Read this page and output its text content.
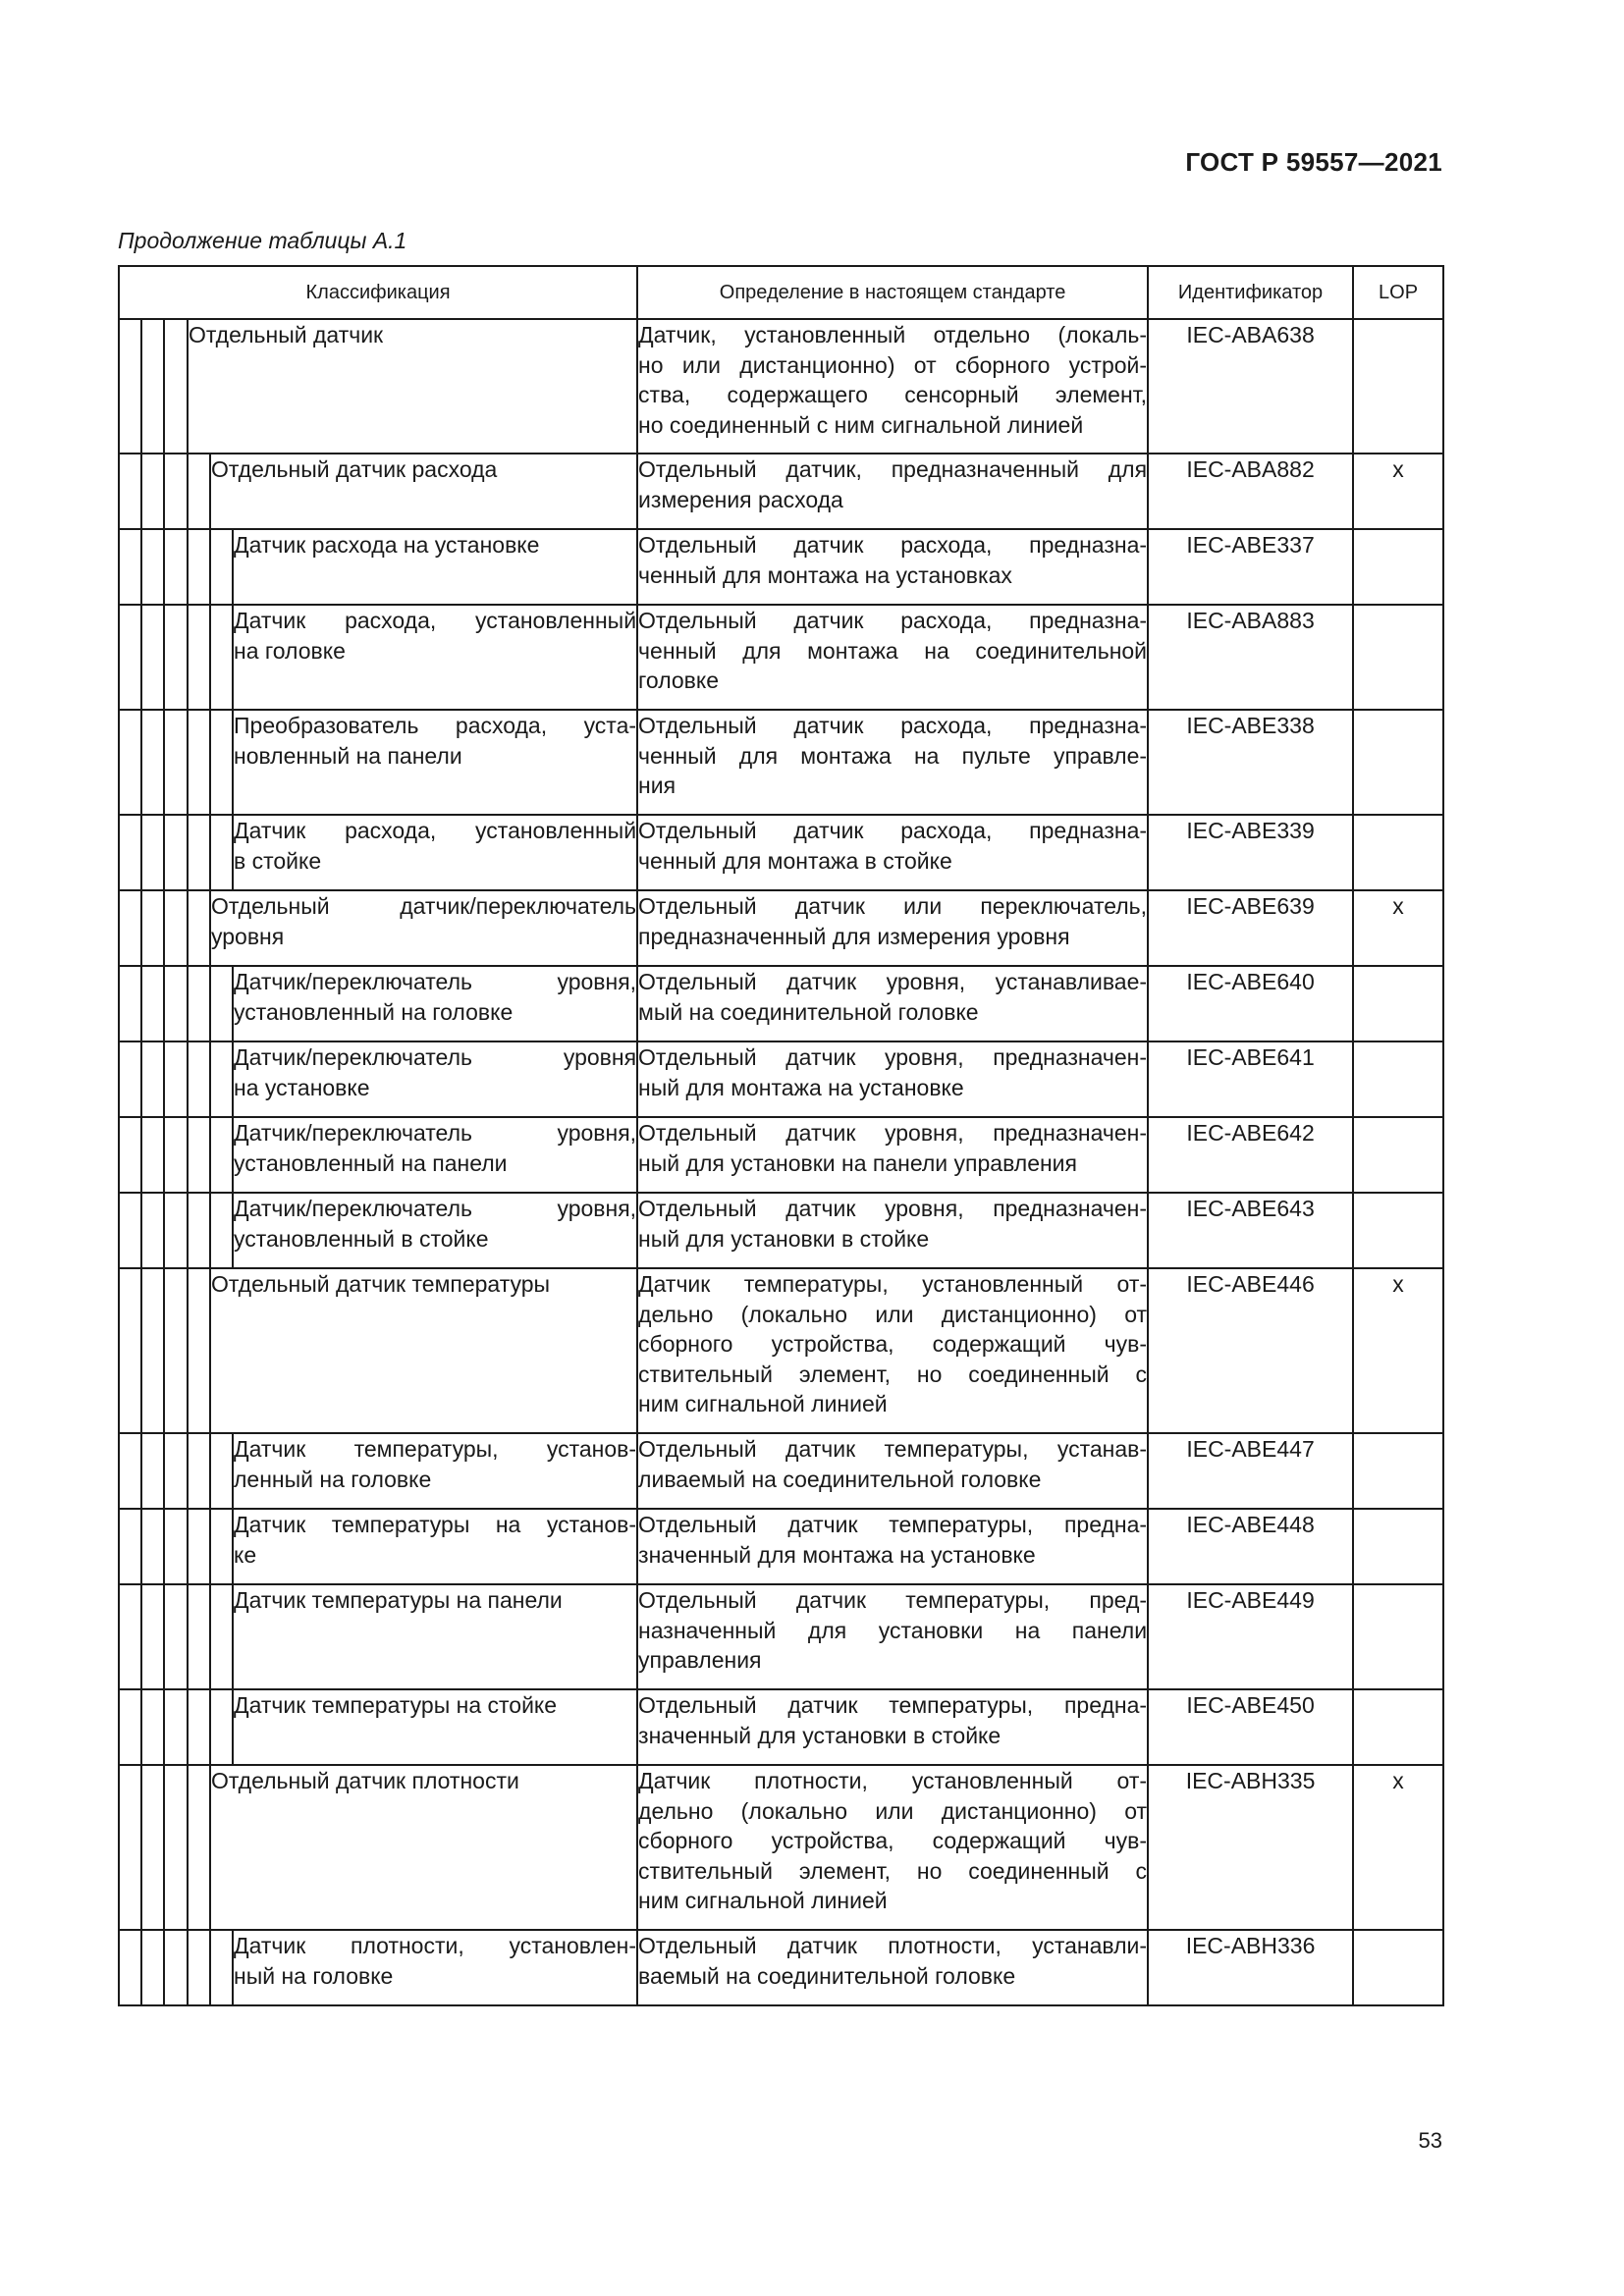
ГОСТ Р 59557—2021
Продолжение таблицы А.1
Классификация						Определение в настоящем стандарте	Идентификатор	LOP

			Отдельный датчик			Датчик, установленный отдельно (локаль-
но или дистанционно) от сборного устрой-
ства, содержащего сенсорный элемент,
но соединенный с ним сигнальной линией	IEC-ABA638	

				Отдельный датчик расхода		Отдельный датчик, предназначенный для
измерения расхода	IEC-ABA882	x

					Датчик расхода на установке	Отдельный датчик расхода, предназна-
ченный для монтажа на установках	IEC-ABE337	

					Датчик расхода, установленный
на головке	Отдельный датчик расхода, предназна-
ченный для монтажа на соединительной
головке	IEC-ABA883	

					Преобразователь расхода, уста-
новленный на панели	Отдельный датчик расхода, предназна-
ченный для монтажа на пульте управле-
ния	IEC-ABE338	

					Датчик расхода, установленный
в стойке	Отдельный датчик расхода, предназна-
ченный для монтажа в стойке	IEC-ABE339	

				Отдельный датчик/переключатель
уровня		Отдельный датчик или переключатель,
предназначенный для измерения уровня	IEC-ABE639	x

					Датчик/переключатель уровня,
установленный на головке	Отдельный датчик уровня, устанавливае-
мый на соединительной головке	IEC-ABE640	

					Датчик/переключатель уровня
на установке	Отдельный датчик уровня, предназначен-
ный для монтажа на установке	IEC-ABE641	

					Датчик/переключатель уровня,
установленный на панели	Отдельный датчик уровня, предназначен-
ный для установки на панели управления	IEC-ABE642	

					Датчик/переключатель уровня,
установленный в стойке	Отдельный датчик уровня, предназначен-
ный для установки в стойке	IEC-ABE643	

				Отдельный датчик температуры		Датчик температуры, установленный от-
дельно (локально или дистанционно) от
сборного устройства, содержащий чув-
ствительный элемент, но соединенный с
ним сигнальной линией	IEC-ABE446	x

					Датчик температуры, установ-
ленный на головке	Отдельный датчик температуры, устанав-
ливаемый на соединительной головке	IEC-ABE447	

					Датчик температуры на установ-
ке	Отдельный датчик температуры, предна-
значенный для монтажа на установке	IEC-ABE448	

					Датчик температуры на панели	Отдельный датчик температуры, пред-
назначенный для установки на панели
управления	IEC-ABE449	

					Датчик температуры на стойке	Отдельный датчик температуры, предна-
значенный для установки в стойке	IEC-ABE450	

				Отдельный датчик плотности		Датчик плотности, установленный от-
дельно (локально или дистанционно) от
сборного устройства, содержащий чув-
ствительный элемент, но соединенный с
ним сигнальной линией	IEC-ABH335	x

					Датчик плотности, установлен-
ный на головке	Отдельный датчик плотности, устанавли-
ваемый на соединительной головке	IEC-ABH336	
53
